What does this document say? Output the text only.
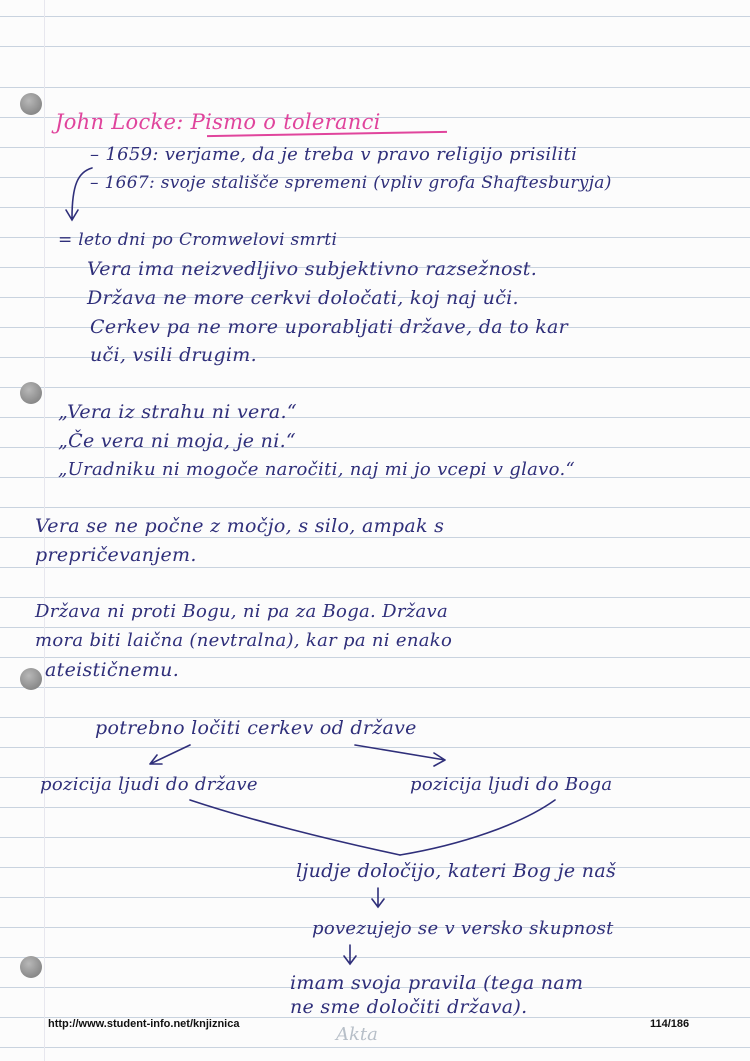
John Locke: Pismo o toleranci
– 1659: verjame, da je treba v pravo religijo prisiliti
– 1667: svoje stališče spremeni (vpliv grofa Shaftesburyja)
= leto dni po Cromwelovi smrti
Vera ima neizvedljivo subjektivno razsežnost.
Država ne more cerkvi določati, koj naj uči.
Cerkev pa ne more uporabljati države, da to kar
uči, vsili drugim.
„Vera iz strahu ni vera.“
„Če vera ni moja, je ni.“
„Uradniku ni mogoče naročiti, naj mi jo vcepi v glavo.“
Vera se ne počne z močjo, s silo, ampak s
prepričevanjem.
Država ni proti Bogu, ni pa za Boga. Država
mora biti laična (nevtralna), kar pa ni enako
ateističnemu.
potrebno ločiti cerkev od države
pozicija ljudi do države	pozicija ljudi do Boga
ljudje določijo, kateri Bog je naš
povezujejo se v versko skupnost
imam svoja pravila (tega nam
ne sme določiti država).
http://www.student-info.net/knjiznica	114/186
Akta
